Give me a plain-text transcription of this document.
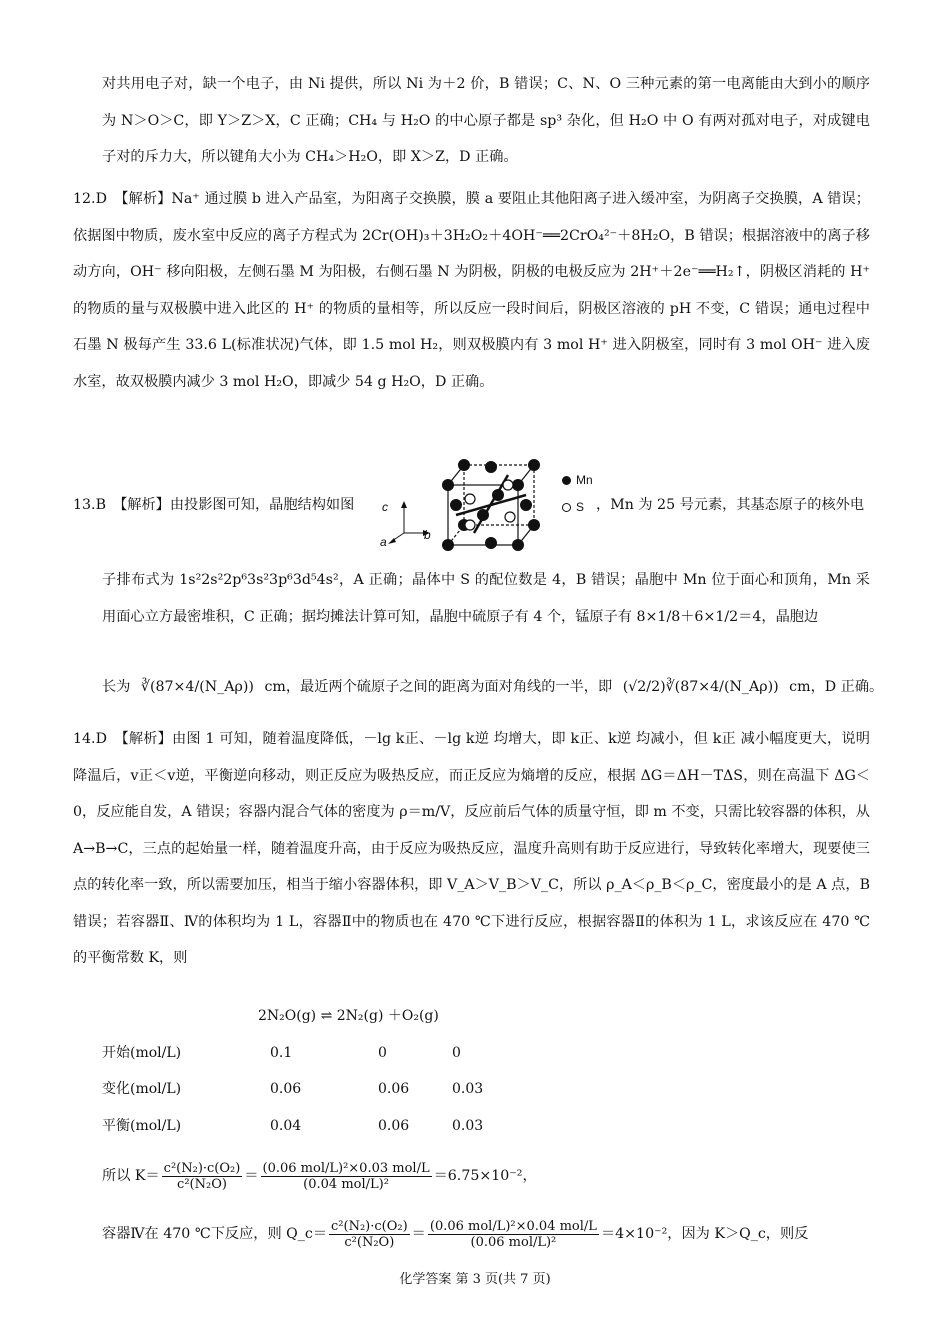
对共用电子对，缺一个电子，由 Ni 提供，所以 Ni 为＋2 价，B 错误；C、N、O 三种元素的第一电离能由大到小的顺序为 N＞O＞C，即 Y＞Z＞X，C 正确；CH₄ 与 H₂O 的中心原子都是 sp³ 杂化，但 H₂O 中 O 有两对孤对电子，对成键电子对的斥力大，所以键角大小为 CH₄＞H₂O，即 X＞Z，D 正确。
12.D　【解析】Na⁺ 通过膜 b 进入产品室，为阳离子交换膜，膜 a 要阻止其他阳离子进入缓冲室，为阴离子交换膜，A 错误；依据图中物质，废水室中反应的离子方程式为 2Cr(OH)₃＋3H₂O₂＋4OH⁻══2CrO₄²⁻＋8H₂O，B 错误；根据溶液中的离子移动方向，OH⁻ 移向阳极，左侧石墨 M 为阳极，右侧石墨 N 为阴极，阴极的电极反应为 2H⁺＋2e⁻══H₂↑，阴极区消耗的 H⁺ 的物质的量与双极膜中进入此区的 H⁺ 的物质的量相等，所以反应一段时间后，阴极区溶液的 pH 不变，C 错误；通电过程中石墨 N 极每产生 33.6 L(标准状况)气体，即 1.5 mol H₂，则双极膜内有 3 mol H⁺ 进入阴极室，同时有 3 mol OH⁻ 进入废水室，故双极膜内减少 3 mol H₂O，即减少 54 g H₂O，D 正确。
13.B　【解析】由投影图可知，晶胞结构如图 c
a	b
Mn
S ，Mn 为 25 号元素，其基态原子的核外电
子排布式为 1s²2s²2p⁶3s²3p⁶3d⁵4s²，A 正确；晶体中 S 的配位数是 4，B 错误；晶胞中 Mn 位于面心和顶角，Mn 采用面心立方最密堆积，C 正确；据均摊法计算可知，晶胞中硫原子有 4 个，锰原子有 8×1/8＋6×1/2＝4，晶胞边
长为 ∛(87×4/(N_Aρ)) cm，最近两个硫原子之间的距离为面对角线的一半，即 (√2/2)∛(87×4/(N_Aρ)) cm，D 正确。
14.D　【解析】由图 1 可知，随着温度降低，－lg k正、－lg k逆 均增大，即 k正、k逆 均减小，但 k正 减小幅度更大，说明降温后，v正＜v逆，平衡逆向移动，则正反应为吸热反应，而正反应为熵增的反应，根据 ΔG＝ΔH－TΔS，则在高温下 ΔG＜0，反应能自发，A 错误；容器内混合气体的密度为 ρ＝m/V，反应前后气体的质量守恒，即 m 不变，只需比较容器的体积，从 A→B→C，三点的起始量一样，随着温度升高，由于反应为吸热反应，温度升高则有助于反应进行，导致转化率增大，现要使三点的转化率一致，所以需要加压，相当于缩小容器体积，即 V_A＞V_B＞V_C，所以 ρ_A＜ρ_B＜ρ_C，密度最小的是 A 点，B 错误；若容器Ⅱ、Ⅳ的体积均为 1 L，容器Ⅱ中的物质也在 470 ℃下进行反应，根据容器Ⅱ的体积为 1 L，求该反应在 470 ℃的平衡常数 K，则
2N₂O(g) ⇌ 2N₂(g) ＋O₂(g)
开始(mol/L)	0.1	0	0
变化(mol/L)	0.06	0.06	0.03
平衡(mol/L)	0.04	0.06	0.03
所以 $K= \frac{\text{c²(N₂)·c(O₂)}}{\text{c²(N₂O)}} = \frac{\text{(0.06 mol/L)²×0.03 mol/L}}{\text{(0.04 mol/L)²}} =6.75\times 10^{-2}$，
容器Ⅳ在 470 ℃下反应，则 Q_c＝ $\frac{\text{c²(N₂)·c(O₂)}}{\text{c²(N₂O)}} = \frac{\text{(0.06 mol/L)²×0.04 mol/L}}{\text{(0.06 mol/L)²}} =4\times 10^{-2}$，因为 K＞Q_c，则反
化学答案 第 3 页(共 7 页)
